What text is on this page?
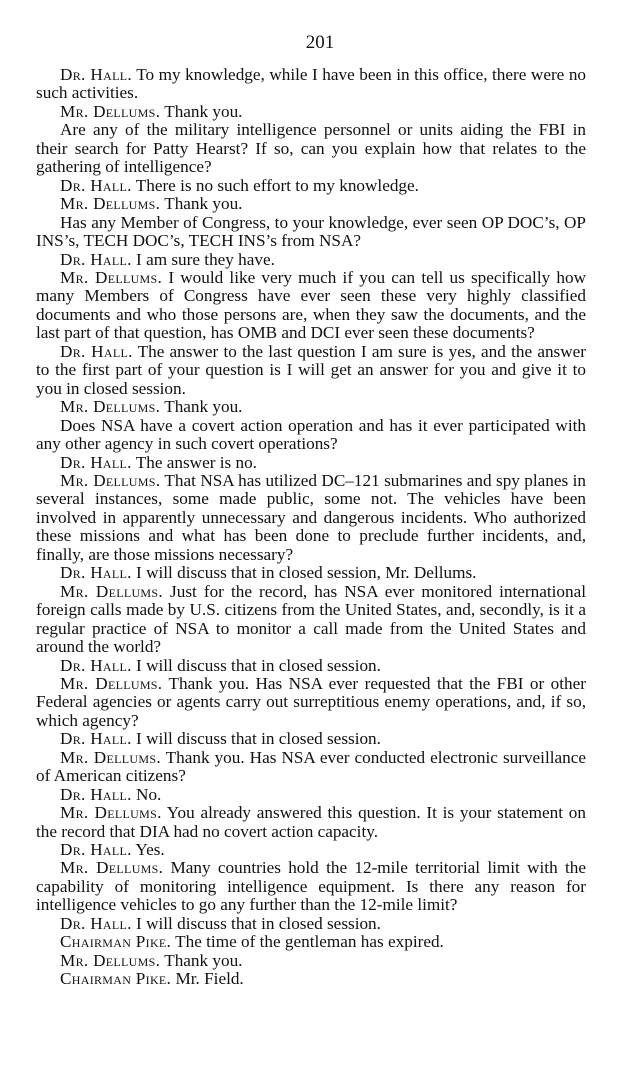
201

Dr. Hall. To my knowledge, while I have been in this office, there were no such activities.

Mr. Dellums. Thank you.

Are any of the military intelligence personnel or units aiding the FBI in their search for Patty Hearst? If so, can you explain how that relates to the gathering of intelligence?

Dr. Hall. There is no such effort to my knowledge.

Mr. Dellums. Thank you.

Has any Member of Congress, to your knowledge, ever seen OP DOC’s, OP INS’s, TECH DOC’s, TECH INS’s from NSA?

Dr. Hall. I am sure they have.

Mr. Dellums. I would like very much if you can tell us specifically how many Members of Congress have ever seen these very highly classified documents and who those persons are, when they saw the documents, and the last part of that question, has OMB and DCI ever seen these documents?

Dr. Hall. The answer to the last question I am sure is yes, and the answer to the first part of your question is I will get an answer for you and give it to you in closed session.

Mr. Dellums. Thank you.

Does NSA have a covert action operation and has it ever participated with any other agency in such covert operations?

Dr. Hall. The answer is no.

Mr. Dellums. That NSA has utilized DC–121 submarines and spy planes in several instances, some made public, some not. The vehicles have been involved in apparently unnecessary and dangerous incidents. Who authorized these missions and what has been done to preclude further incidents, and, finally, are those missions necessary?

Dr. Hall. I will discuss that in closed session, Mr. Dellums.

Mr. Dellums. Just for the record, has NSA ever monitored international foreign calls made by U.S. citizens from the United States, and, secondly, is it a regular practice of NSA to monitor a call made from the United States and around the world?

Dr. Hall. I will discuss that in closed session.

Mr. Dellums. Thank you. Has NSA ever requested that the FBI or other Federal agencies or agents carry out surreptitious enemy operations, and, if so, which agency?

Dr. Hall. I will discuss that in closed session.

Mr. Dellums. Thank you. Has NSA ever conducted electronic surveillance of American citizens?

Dr. Hall. No.

Mr. Dellums. You already answered this question. It is your statement on the record that DIA had no covert action capacity.

Dr. Hall. Yes.

Mr. Dellums. Many countries hold the 12-mile territorial limit with the capability of monitoring intelligence equipment. Is there any reason for intelligence vehicles to go any further than the 12-mile limit?

Dr. Hall. I will discuss that in closed session.

Chairman Pike. The time of the gentleman has expired.

Mr. Dellums. Thank you.

Chairman Pike. Mr. Field.
